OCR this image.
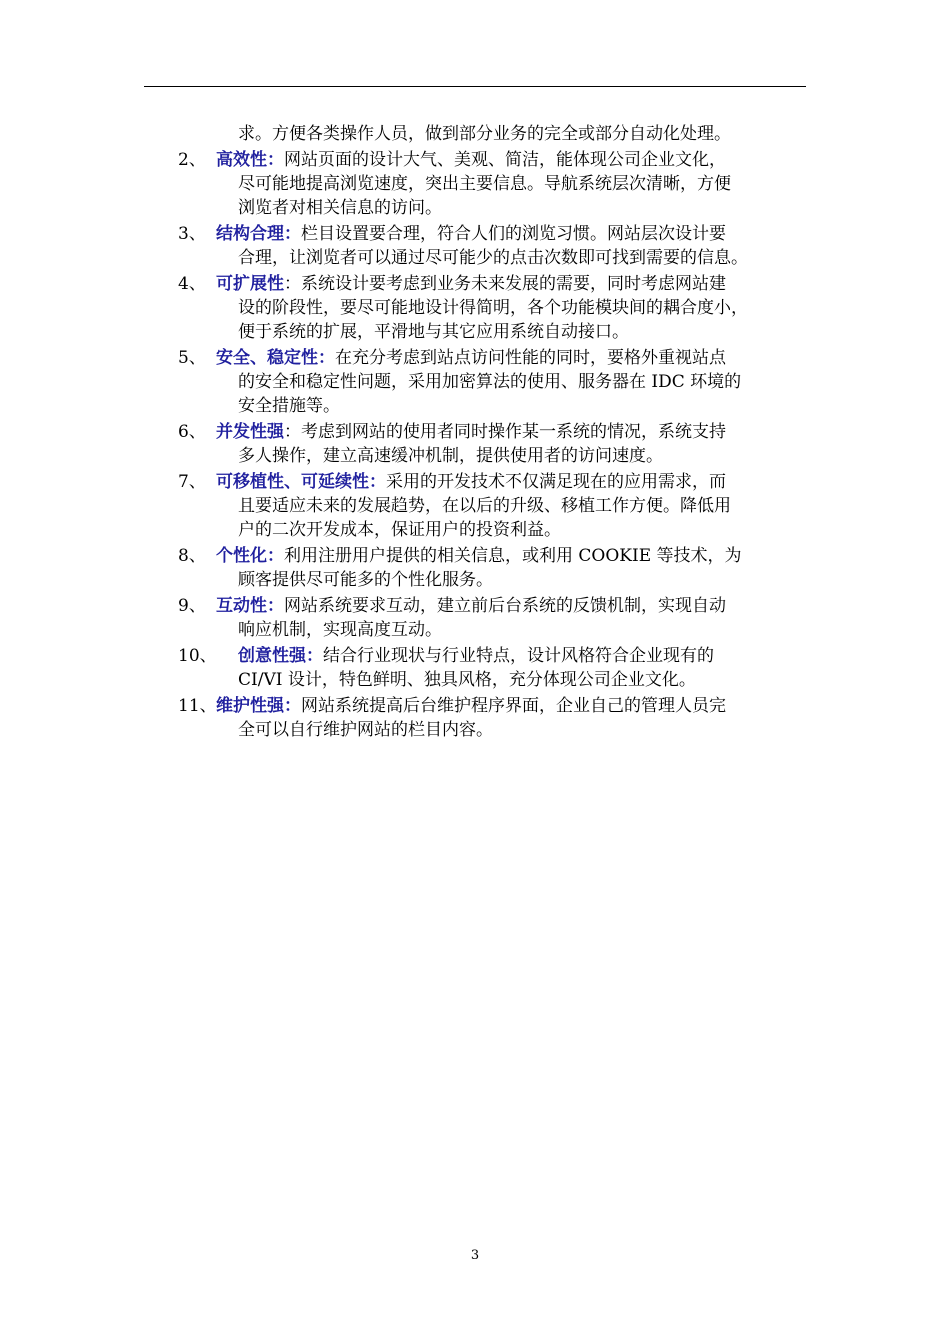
求。方便各类操作人员，做到部分业务的完全或部分自动化处理。
2、 高效性：网站页面的设计大气、美观、简洁，能体现公司企业文化，
尽可能地提高浏览速度，突出主要信息。导航系统层次清晰，方便
浏览者对相关信息的访问。
3、 结构合理：栏目设置要合理，符合人们的浏览习惯。网站层次设计要
合理，让浏览者可以通过尽可能少的点击次数即可找到需要的信息。
4、 可扩展性：系统设计要考虑到业务未来发展的需要，同时考虑网站建
设的阶段性，要尽可能地设计得简明，各个功能模块间的耦合度小，
便于系统的扩展，平滑地与其它应用系统自动接口。
5、 安全、稳定性：在充分考虑到站点访问性能的同时，要格外重视站点
的安全和稳定性问题，采用加密算法的使用、服务器在 IDC 环境的
安全措施等。
6、 并发性强：考虑到网站的使用者同时操作某一系统的情况，系统支持
多人操作，建立高速缓冲机制，提供使用者的访问速度。
7、 可移植性、可延续性：采用的开发技术不仅满足现在的应用需求，而
且要适应未来的发展趋势，在以后的升级、移植工作方便。降低用
户的二次开发成本，保证用户的投资利益。
8、 个性化：利用注册用户提供的相关信息，或利用 COOKIE 等技术，为
顾客提供尽可能多的个性化服务。
9、 互动性：网站系统要求互动，建立前后台系统的反馈机制，实现自动
响应机制，实现高度互动。
10、 创意性强：结合行业现状与行业特点，设计风格符合企业现有的
CI/VI 设计，特色鲜明、独具风格，充分体现公司企业文化。
11、 维护性强：网站系统提高后台维护程序界面，企业自己的管理人员完
全可以自行维护网站的栏目内容。
3
